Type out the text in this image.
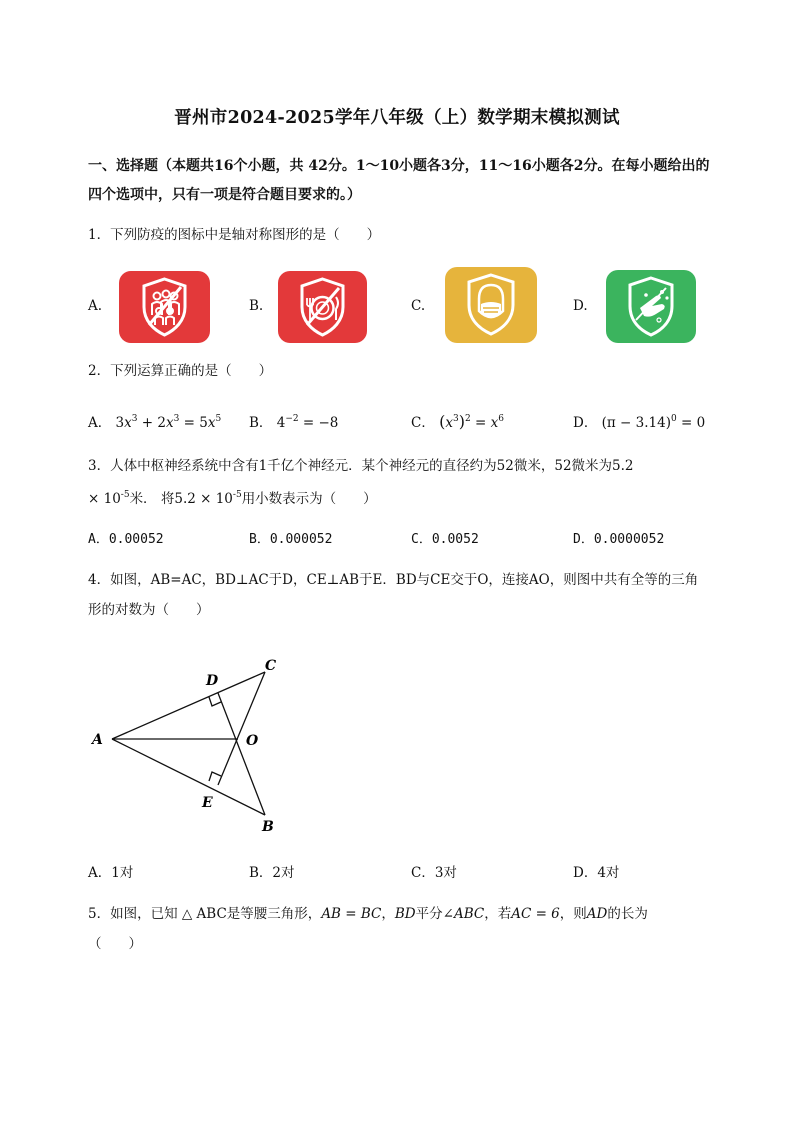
晋州市2024-2025学年八年级（上）数学期末模拟测试
一、选择题（本题共16个小题，共 42分。1～10小题各3分，11～16小题各2分。在每小题给出的四个选项中，只有一项是符合题目要求的。）
1．下列防疫的图标中是轴对称图形的是（　　）
A.	B.	C.	D.
2．下列运算正确的是（　　）
A． $3x^3 + 2x^3 = 5x^5$ B． $4^{-2} = -8$	C． $(x^3)^2 = x^6$	D． $(\pi - 3.14)^0 = 0$
3．人体中枢神经系统中含有1千亿个神经元．某个神经元的直径约为52微米，52微米为5.2
× $10^{-5}$米． 将$5.2 \times 10^{-5}$用小数表示为（　　）
A．0.00052	B．0.000052	C．0.0052	D．0.0000052
4．如图，AB=AC，BD⊥AC于D，CE⊥AB于E．BD与CE交于O，连接AO，则图中共有全等的三角
形的对数为（　　）
A
B
C
D
E
O
A．1对	B．2对	C．3对	D．4对
5．如图，已知 △ ABC是等腰三角形，AB = BC，BD平分∠ABC，若AC = 6，则AD的长为
（　　）
